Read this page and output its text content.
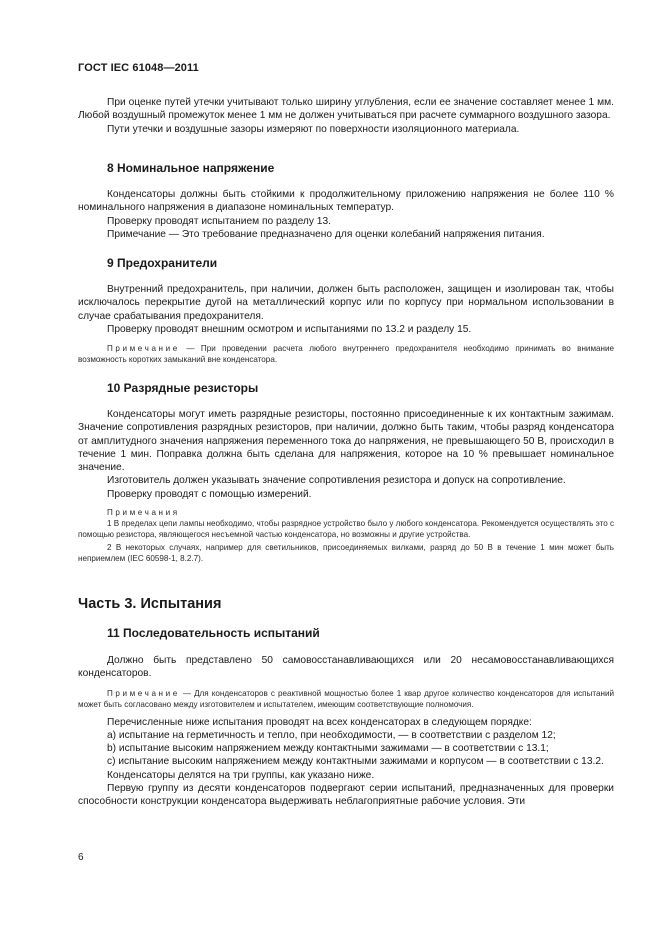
ГОСТ IEC 61048—2011
При оценке путей утечки учитывают только ширину углубления, если ее значение составляет менее 1 мм. Любой воздушный промежуток менее 1 мм не должен учитываться при расчете суммарного воздушного зазора.
Пути утечки и воздушные зазоры измеряют по поверхности изоляционного материала.
8 Номинальное напряжение
Конденсаторы должны быть стойкими к продолжительному приложению напряжения не более 110 % номинального напряжения в диапазоне номинальных температур.
Проверку проводят испытанием по разделу 13.
Примечание — Это требование предназначено для оценки колебаний напряжения питания.
9 Предохранители
Внутренний предохранитель, при наличии, должен быть расположен, защищен и изолирован так, чтобы исключалось перекрытие дугой на металлический корпус или по корпусу при нормальном использовании в случае срабатывания предохранителя.
Проверку проводят внешним осмотром и испытаниями по 13.2 и разделу 15.
Примечание — При проведении расчета любого внутреннего предохранителя необходимо принимать во внимание возможность коротких замыканий вне конденсатора.
10 Разрядные резисторы
Конденсаторы могут иметь разрядные резисторы, постоянно присоединенные к их контактным зажимам. Значение сопротивления разрядных резисторов, при наличии, должно быть таким, чтобы разряд конденсатора от амплитудного значения напряжения переменного тока до напряжения, не превышающего 50 В, происходил в течение 1 мин. Поправка должна быть сделана для напряжения, которое на 10 % превышает номинальное значение.
Изготовитель должен указывать значение сопротивления резистора и допуск на сопротивление.
Проверку проводят с помощью измерений.
Примечания
1 В пределах цепи лампы необходимо, чтобы разрядное устройство было у любого конденсатора. Рекомендуется осуществлять это с помощью резистора, являющегося несъемной частью конденсатора, но возможны и другие устройства.
2 В некоторых случаях, например для светильников, присоединяемых вилками, разряд до 50 В в течение 1 мин может быть неприемлем (IEC 60598-1, 8.2.7).
Часть 3. Испытания
11 Последовательность испытаний
Должно быть представлено 50 самовосстанавливающихся или 20 несамовосстанавливающихся конденсаторов.
Примечание — Для конденсаторов с реактивной мощностью более 1 квар другое количество конденсаторов для испытаний может быть согласовано между изготовителем и испытателем, имеющим соответствующие полномочия.
Перечисленные ниже испытания проводят на всех конденсаторах в следующем порядке:
a) испытание на герметичность и тепло, при необходимости, — в соответствии с разделом 12;
b) испытание высоким напряжением между контактными зажимами — в соответствии с 13.1;
c) испытание высоким напряжением между контактными зажимами и корпусом — в соответствии с 13.2.
Конденсаторы делятся на три группы, как указано ниже.
Первую группу из десяти конденсаторов подвергают серии испытаний, предназначенных для проверки способности конструкции конденсатора выдерживать неблагоприятные рабочие условия. Эти
6
